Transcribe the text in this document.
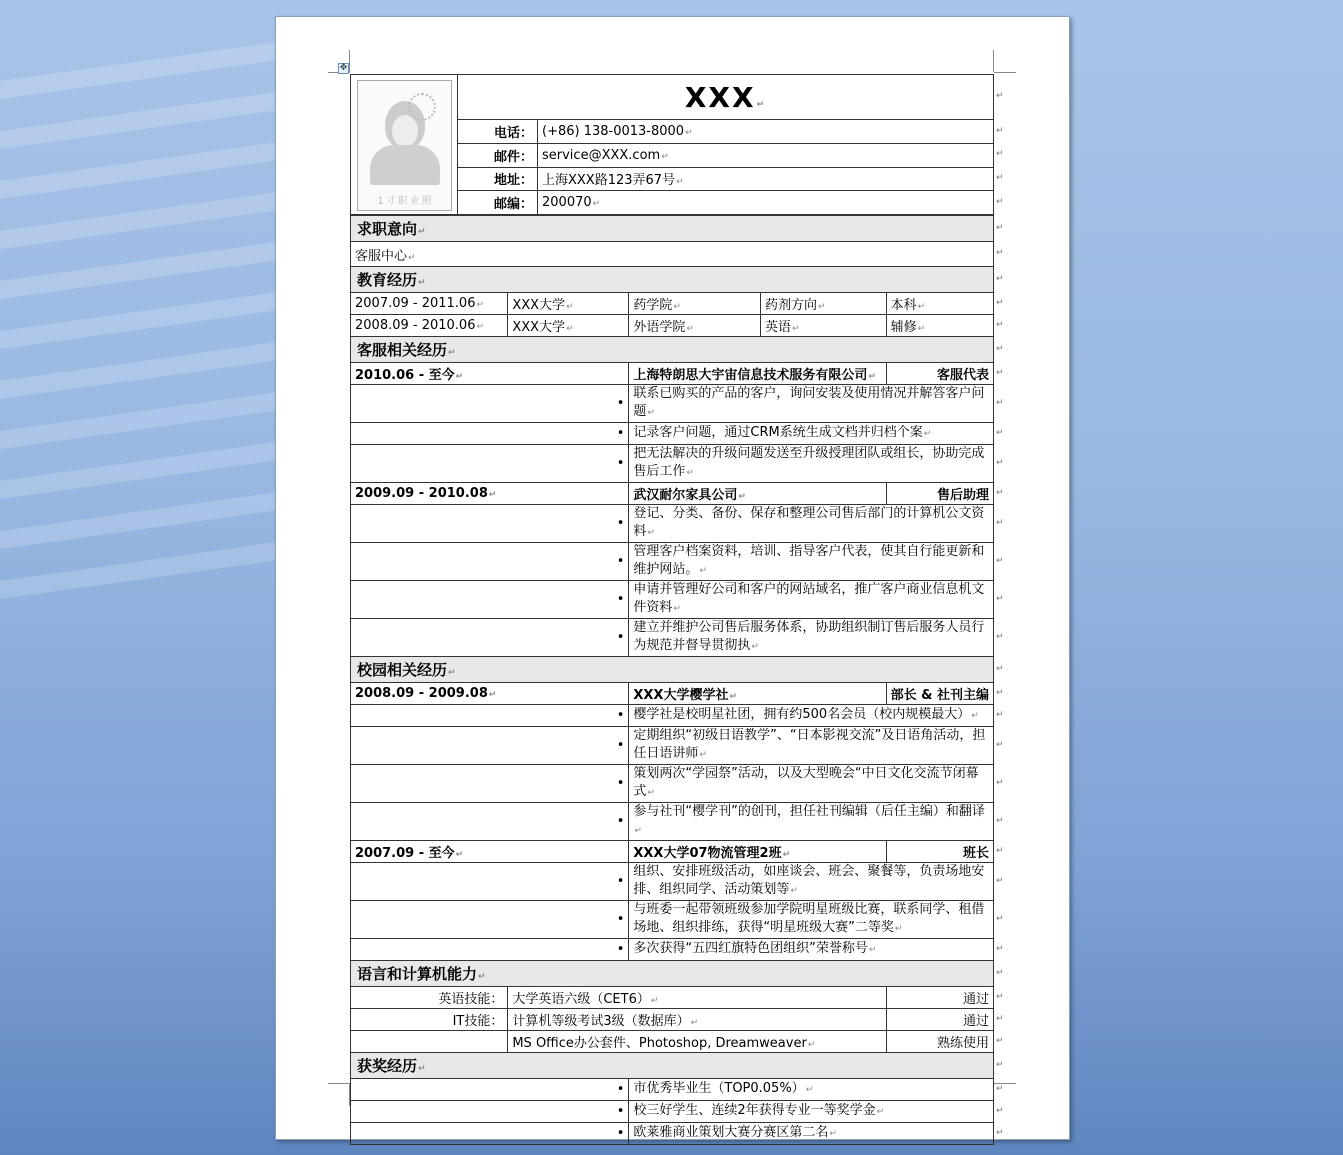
✥
1寸职业照	XXX↵	
	电话：	(+86) 138-0013-8000↵
	邮件：	service@XXX.com↵
	地址：	上海XXX路123弄67号↵
	邮编：	200070↵
求职意向↵				
客服中心↵				
教育经历↵				
2007.09 - 2011.06↵	XXX大学↵	药学院↵	药剂方向↵	本科↵
2008.09 - 2010.06↵	XXX大学↵	外语学院↵	英语↵	辅修↵
客服相关经历↵				
2010.06 - 至今↵		上海特朗思大宇宙信息技术服务有限公司↵		客服代表
•		联系已购买的产品的客户，询问安装及使用情况并解答客户问题↵		
•		记录客户问题，通过CRM系统生成文档并归档个案↵		
•		把无法解决的升级问题发送至升级授理团队或组长，协助完成售后工作↵		
2009.09 - 2010.08↵		武汉耐尔家具公司↵		售后助理
•		登记、分类、备份、保存和整理公司售后部门的计算机公文资料↵		
•		管理客户档案资料，培训、指导客户代表，使其自行能更新和维护网站。↵		
•		申请并管理好公司和客户的网站域名，推广客户商业信息机文件资料↵		
•		建立并维护公司售后服务体系，协助组织制订售后服务人员行为规范并督导贯彻执↵		
校园相关经历↵				
2008.09 - 2009.08↵		XXX大学樱学社↵		部长 & 社刊主编
•		樱学社是校明星社团，拥有约500名会员（校内规模最大）↵		
•		定期组织“初级日语教学”、“日本影视交流”及日语角活动，担任日语讲师↵		
•		策划两次“学园祭”活动，以及大型晚会“中日文化交流节闭幕式↵		
•		参与社刊“樱学刊”的创刊，担任社刊编辑（后任主编）和翻译↵		
2007.09 - 至今↵		XXX大学07物流管理2班↵		班长
•		组织、安排班级活动，如座谈会、班会、聚餐等，负责场地安排、组织同学、活动策划等↵		
•		与班委一起带领班级参加学院明星班级比赛，联系同学、租借场地、组织排练，获得“明星班级大赛”二等奖↵		
•		多次获得“五四红旗特色团组织”荣誉称号↵		
语言和计算机能力↵				
英语技能：	大学英语六级（CET6）↵			通过
IT技能：	计算机等级考试3级（数据库）↵			通过
	MS Office办公套件、Photoshop, Dreamweaver↵			熟练使用
获奖经历↵				
•		市优秀毕业生（TOP0.05%）↵		
•		校三好学生、连续2年获得专业一等奖学金↵		
•		欧莱雅商业策划大赛分赛区第二名↵		
↵
↵
↵
↵
↵
↵
↵
↵
↵
↵
↵
↵
↵
↵
↵
↵
↵
↵
↵
↵
↵
↵
↵
↵
↵
↵
↵
↵
↵
↵
↵
↵
↵
↵
↵
↵
↵
↵
